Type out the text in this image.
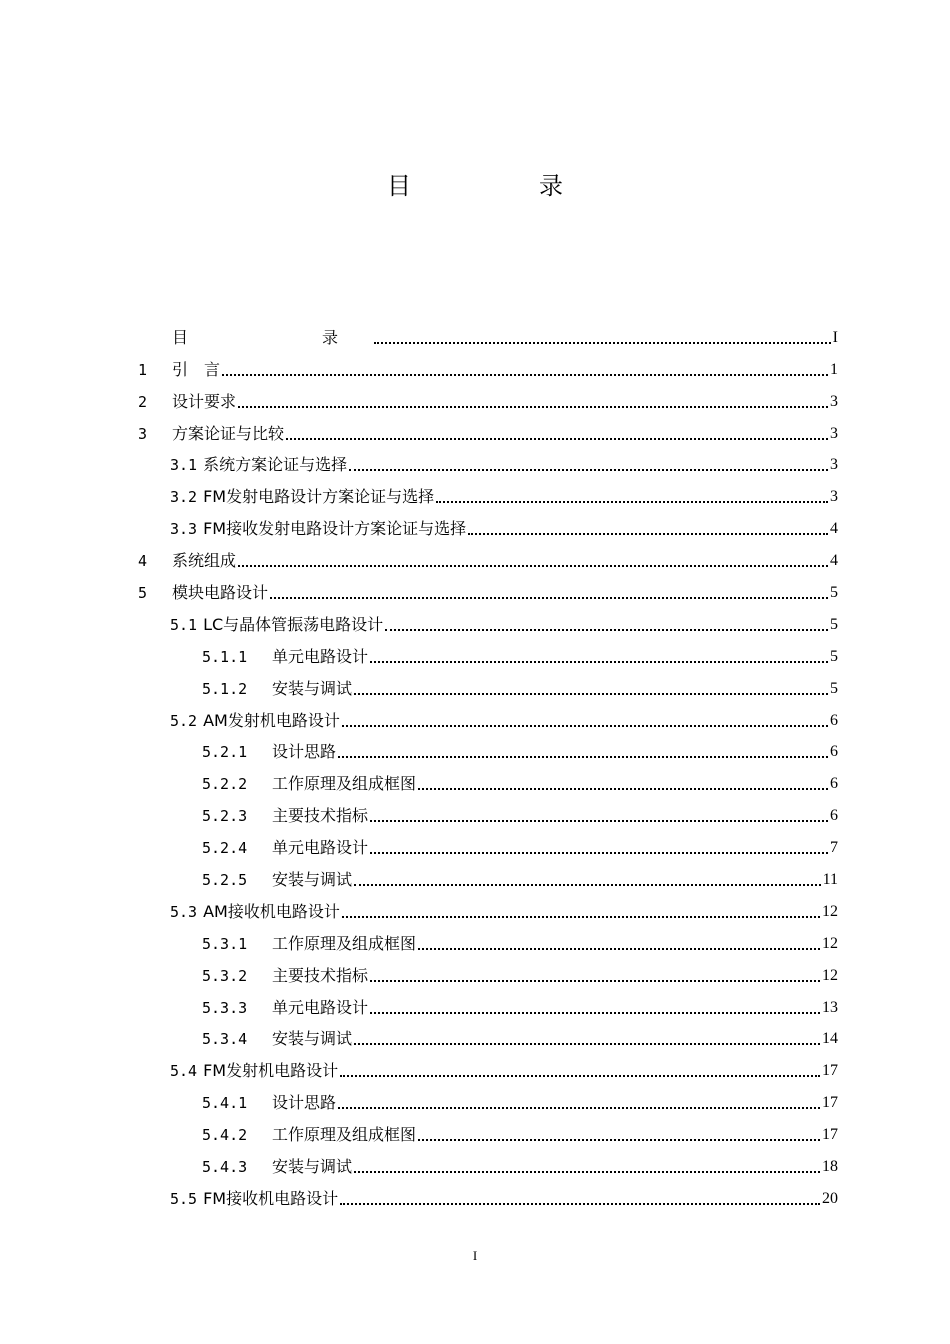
目　录
目　　录	I
1	引　言	1
2	设计要求	3
3	方案论证与比较	3
3.1 系统方案论证与选择	3
3.2 FM发射电路设计方案论证与选择	3
3.3 FM接收发射电路设计方案论证与选择	4
4	系统组成	4
5	模块电路设计	5
5.1 LC与晶体管振荡电路设计	5
5.1.1	单元电路设计	5
5.1.2	安装与调试	5
5.2 AM发射机电路设计	6
5.2.1	设计思路	6
5.2.2	工作原理及组成框图	6
5.2.3	主要技术指标	6
5.2.4	单元电路设计	7
5.2.5	安装与调试	11
5.3 AM接收机电路设计	12
5.3.1	工作原理及组成框图	12
5.3.2	主要技术指标	12
5.3.3	单元电路设计	13
5.3.4	安装与调试	14
5.4 FM发射机电路设计	17
5.4.1	设计思路	17
5.4.2	工作原理及组成框图	17
5.4.3	安装与调试	18
5.5 FM接收机电路设计	20
I
